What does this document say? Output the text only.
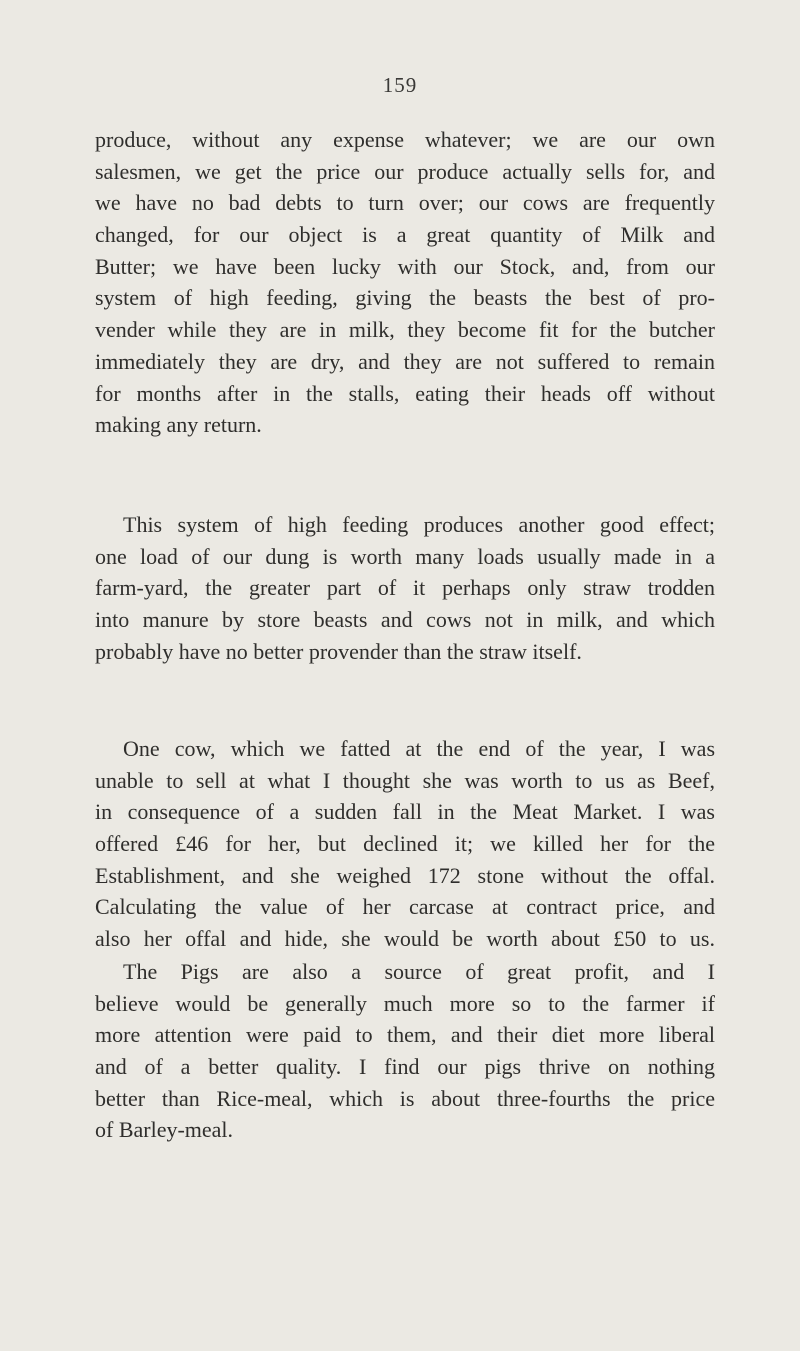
159
produce, without any expense whatever; we are our own
salesmen, we get the price our produce actually sells for, and
we have no bad debts to turn over; our cows are frequently
changed, for our object is a great quantity of Milk and
Butter; we have been lucky with our Stock, and, from our
system of high feeding, giving the beasts the best of pro-
vender while they are in milk, they become fit for the butcher
immediately they are dry, and they are not suffered to remain
for months after in the stalls, eating their heads off without
making any return.
This system of high feeding produces another good effect;
one load of our dung is worth many loads usually made in a
farm-yard, the greater part of it perhaps only straw trodden
into manure by store beasts and cows not in milk, and which
probably have no better provender than the straw itself.
One cow, which we fatted at the end of the year, I was
unable to sell at what I thought she was worth to us as Beef,
in consequence of a sudden fall in the Meat Market. I was
offered £46 for her, but declined it; we killed her for the
Establishment, and she weighed 172 stone without the offal.
Calculating the value of her carcase at contract price, and
also her offal and hide, she would be worth about £50 to us.
The Pigs are also a source of great profit, and I
believe would be generally much more so to the farmer if
more attention were paid to them, and their diet more liberal
and of a better quality. I find our pigs thrive on nothing
better than Rice-meal, which is about three-fourths the price
of Barley-meal.
